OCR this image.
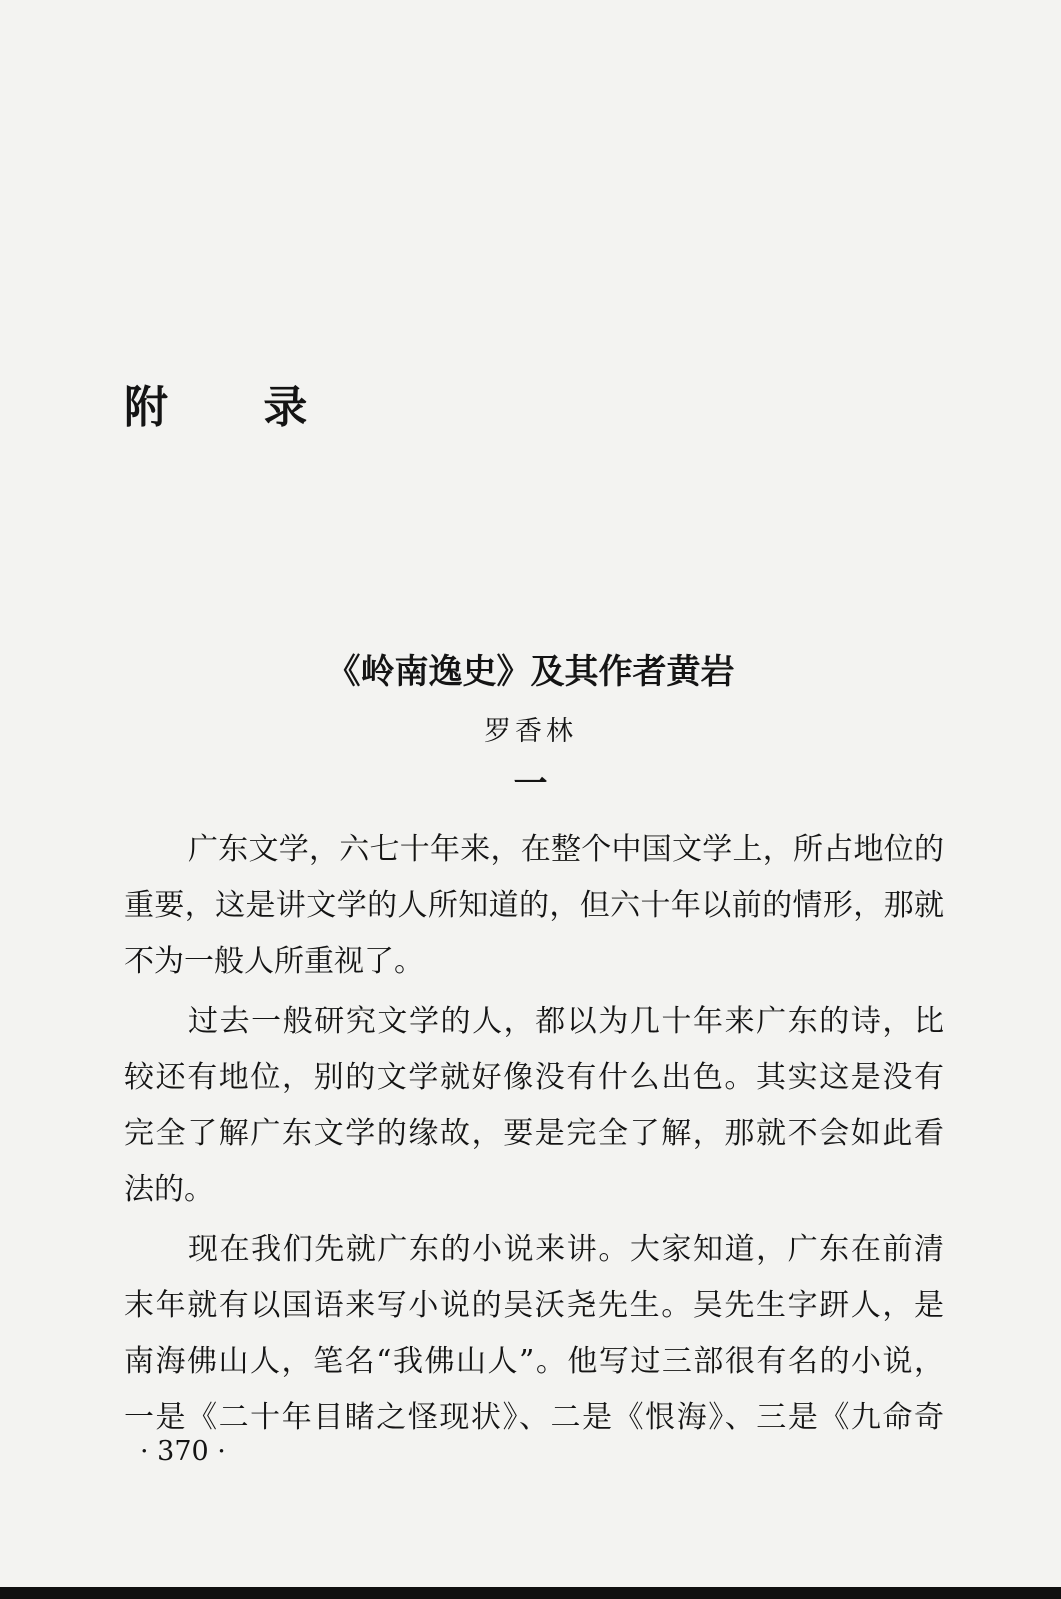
附 录
《岭南逸史》及其作者黄岩
罗香林
一
广东文学，六七十年来，在整个中国文学上，所占地位的
重要，这是讲文学的人所知道的，但六十年以前的情形，那就
不为一般人所重视了。
过去一般研究文学的人，都以为几十年来广东的诗，比
较还有地位，别的文学就好像没有什么出色。其实这是没有
完全了解广东文学的缘故，要是完全了解，那就不会如此看
法的。
现在我们先就广东的小说来讲。大家知道，广东在前清
末年就有以国语来写小说的吴沃尧先生。吴先生字趼人，是
南海佛山人，笔名“我佛山人”。他写过三部很有名的小说，
一是《二十年目睹之怪现状》、二是《恨海》、三是《九命奇
· 370 ·
